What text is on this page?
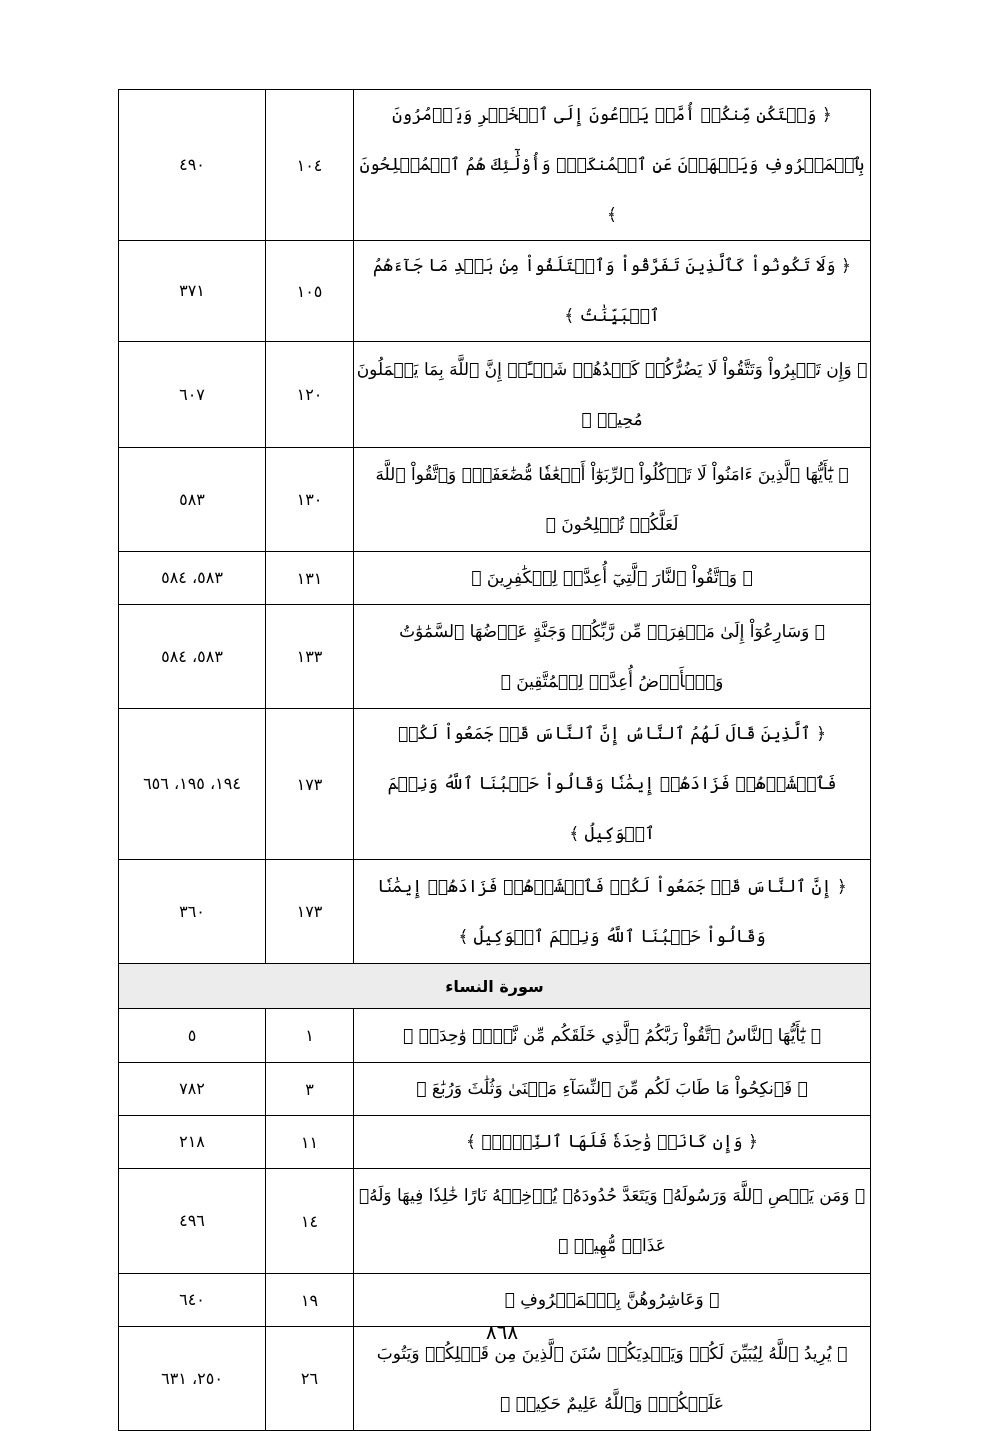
٤٩٠	١٠٤	﴿ وَلۡتَكُن مِّنكُمۡ أُمَّةٞ يَدۡعُونَ إِلَى ٱلۡخَيۡرِ وَيَأۡمُرُونَ بِٱلۡمَعۡرُوفِ وَيَنۡهَوۡنَ عَنِ ٱلۡمُنكَرِۚ وَأُوْلَٰٓئِكَ هُمُ ٱلۡمُفۡلِحُونَ ﴾
٣٧١	١٠٥	﴿ وَلَا تَكُونُواْ كَٱلَّذِينَ تَفَرَّقُواْ وَٱخۡتَلَفُواْ مِنۢ بَعۡدِ مَا جَآءَهُمُ ٱلۡبَيِّنَٰتُ ﴾
٦٠٧	١٢٠	﴿ وَإِن تَصۡبِرُواْ وَتَتَّقُواْ لَا يَضُرُّكُمۡ كَيۡدُهُمۡ شَيۡـًٔاۗ إِنَّ ٱللَّهَ بِمَا يَعۡمَلُونَ مُحِيطٞ ﴾
٥٨٣	١٣٠	﴿ يَٰٓأَيُّهَا ٱلَّذِينَ ءَامَنُواْ لَا تَأۡكُلُواْ ٱلرِّبَوٰٓاْ أَضۡعَٰفٗا مُّضَٰعَفَةٗۖ وَٱتَّقُواْ ٱللَّهَ لَعَلَّكُمۡ تُفۡلِحُونَ ﴾
٥٨٣، ٥٨٤	١٣١	﴿ وَٱتَّقُواْ ٱلنَّارَ ٱلَّتِيٓ أُعِدَّتۡ لِلۡكَٰفِرِينَ ﴾
٥٨٣، ٥٨٤	١٣٣	﴿ وَسَارِعُوٓاْ إِلَىٰ مَغۡفِرَةٖ مِّن رَّبِّكُمۡ وَجَنَّةٍ عَرۡضُهَا ٱلسَّمَٰوَٰتُ وَٱلۡأَرۡضُ أُعِدَّتۡ لِلۡمُتَّقِينَ ﴾
١٩٤، ١٩٥، ٦٥٦	١٧٣	﴿ ٱلَّذِينَ قَالَ لَهُمُ ٱلنَّاسُ إِنَّ ٱلنَّاسَ قَدۡ جَمَعُواْ لَكُمۡ فَٱخۡشَوۡهُمۡ فَزَادَهُمۡ إِيمَٰنٗا وَقَالُواْ حَسۡبُنَا ٱللَّهُ وَنِعۡمَ ٱلۡوَكِيلُ ﴾
٣٦٠	١٧٣	﴿ إِنَّ ٱلنَّاسَ قَدۡ جَمَعُواْ لَكُمۡ فَٱخۡشَوۡهُمۡ فَزَادَهُمۡ إِيمَٰنٗا وَقَالُواْ حَسۡبُنَا ٱللَّهُ وَنِعۡمَ ٱلۡوَكِيلُ ﴾
سورة النساء		
٥	١	﴿ يَٰٓأَيُّهَا ٱلنَّاسُ ٱتَّقُواْ رَبَّكُمُ ٱلَّذِي خَلَقَكُم مِّن نَّفۡسٖ وَٰحِدَةٖ ﴾
٧٨٢	٣	﴿ فَٱنكِحُواْ مَا طَابَ لَكُم مِّنَ ٱلنِّسَآءِ مَثۡنَىٰ وَثُلَٰثَ وَرُبَٰعَ ﴾
٢١٨	١١	﴿ وَإِن كَانَتۡ وَٰحِدَةٗ فَلَهَا ٱلنِّصۡفُۚ ﴾
٤٩٦	١٤	﴿ وَمَن يَعۡصِ ٱللَّهَ وَرَسُولَهُۥ وَيَتَعَدَّ حُدُودَهُۥ يُدۡخِلۡهُ نَارًا خَٰلِدٗا فِيهَا وَلَهُۥ عَذَابٞ مُّهِينٞ ﴾
٦٤٠	١٩	﴿ وَعَاشِرُوهُنَّ بِٱلۡمَعۡرُوفِ ﴾
٢٥٠، ٦٣١	٢٦	﴿ يُرِيدُ ٱللَّهُ لِيُبَيِّنَ لَكُمۡ وَيَهۡدِيَكُمۡ سُنَنَ ٱلَّذِينَ مِن قَبۡلِكُمۡ وَيَتُوبَ عَلَيۡكُمۡۗ وَٱللَّهُ عَلِيمٌ حَكِيمٞ ﴾
٨٦٨
